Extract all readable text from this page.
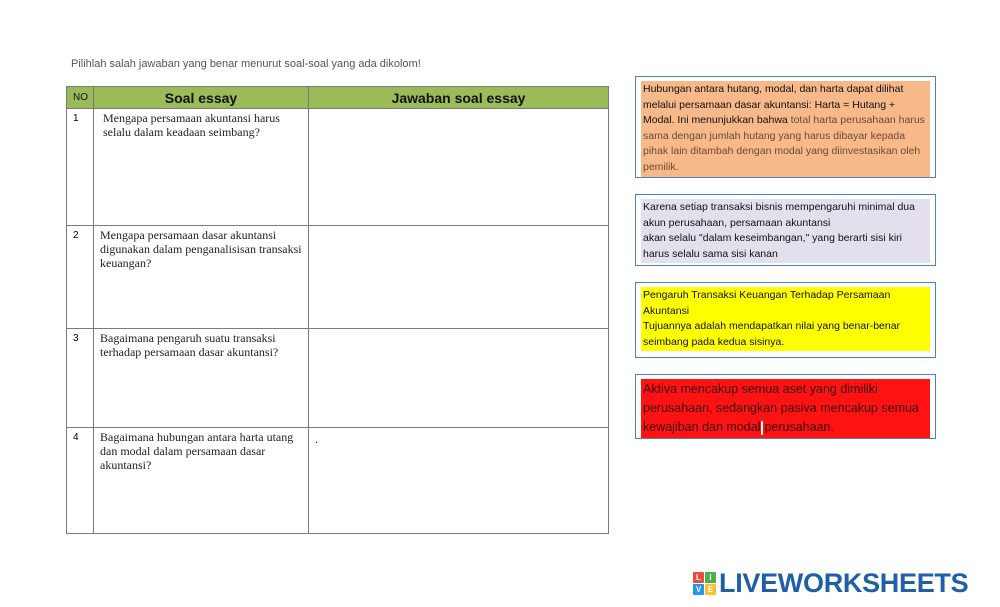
Pilihlah salah jawaban yang benar menurut soal-soal yang ada dikolom!
NO	Soal essay	Jawaban soal essay
1	Mengapa persamaan akuntansi harus selalu dalam keadaan seimbang?	
2	Mengapa persamaan dasar akuntansi digunakan dalam penganalisisan transaksi keuangan?	
3	Bagaimana pengaruh suatu transaksi terhadap persamaan dasar akuntansi?	
4	Bagaimana hubungan antara harta utang dan modal dalam persamaan dasar akuntansi?	.
Hubungan antara hutang, modal, dan harta dapat dilihat melalui persamaan dasar akuntansi: Harta = Hutang + Modal. Ini menunjukkan bahwa total harta perusahaan harus sama dengan jumlah hutang yang harus dibayar kepada pihak lain ditambah dengan modal yang diinvestasikan oleh pemilik.
Karena setiap transaksi bisnis mempengaruhi minimal dua akun perusahaan, persamaan akuntansi
akan selalu "dalam keseimbangan," yang berarti sisi kiri harus selalu sama sisi kanan
Pengaruh Transaksi Keuangan Terhadap Persamaan Akuntansi
Tujuannya adalah mendapatkan nilai yang benar-benar seimbang pada kedua sisinya.
Aktiva mencakup semua aset yang dimiliki perusahaan, sedangkan pasiva mencakup semua kewajiban dan modal perusahaan.
L	I
V E LIVEWORKSHEETS
